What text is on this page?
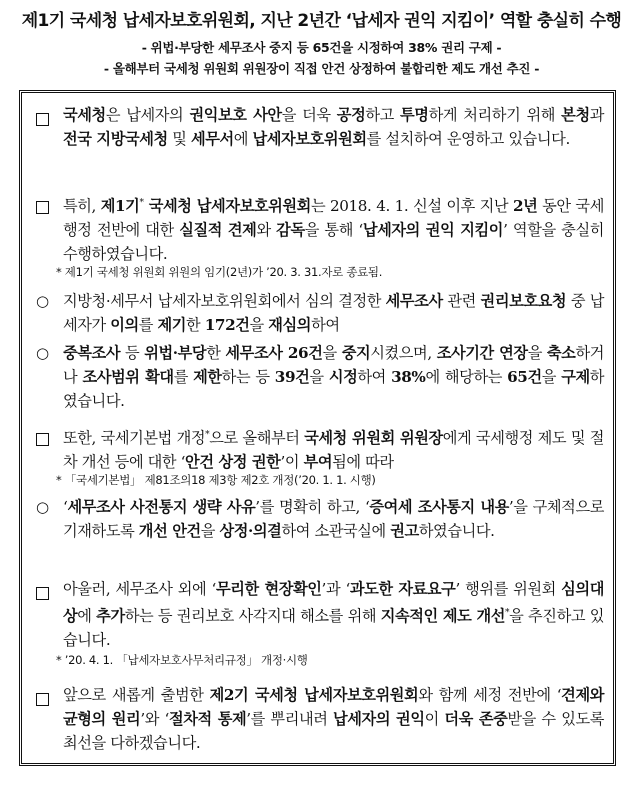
제1기 국세청 납세자보호위원회, 지난 2년간 ‘납세자 권익 지킴이’ 역할 충실히 수행
- 위법·부당한 세무조사 중지 등 65건을 시정하여 38% 권리 구제 -
- 올해부터 국세청 위원회 위원장이 직접 안건 상정하여 불합리한 제도 개선 추진 -
국세청은 납세자의 권익보호 사안을 더욱 공정하고 투명하게 처리하기 위해 본청과 전국 지방국세청 및 세무서에 납세자보호위원회를 설치하여 운영하고 있습니다.
특히, 제1기* 국세청 납세자보호위원회는 2018. 4. 1. 신설 이후 지난 2년 동안 국세행정 전반에 대한 실질적 견제와 감독을 통해 ‘납세자의 권익 지킴이’ 역할을 충실히 수행하였습니다.
* 제1기 국세청 위원회 위원의 임기(2년)가 ’20. 3. 31.자로 종료됨.
○ 지방청·세무서 납세자보호위원회에서 심의 결정한 세무조사 관련 권리보호요청 중 납세자가 이의를 제기한 172건을 재심의하여
○ 중복조사 등 위법·부당한 세무조사 26건을 중지시켰으며, 조사기간 연장을 축소하거나 조사범위 확대를 제한하는 등 39건을 시정하여 38%에 해당하는 65건을 구제하였습니다.
또한, 국세기본법 개정*으로 올해부터 국세청 위원회 위원장에게 국세행정 제도 및 절차 개선 등에 대한 ‘안건 상정 권한’이 부여됨에 따라
* 「국세기본법」 제81조의18 제3항 제2호 개정(’20. 1. 1. 시행)
○ ‘세무조사 사전통지 생략 사유’를 명확히 하고, ‘증여세 조사통지 내용’을 구체적으로 기재하도록 개선 안건을 상정·의결하여 소관국실에 권고하였습니다.
아울러, 세무조사 외에 ‘무리한 현장확인’과 ‘과도한 자료요구’ 행위를 위원회 심의대상에 추가하는 등 권리보호 사각지대 해소를 위해 지속적인 제도 개선*을 추진하고 있습니다.
* ’20. 4. 1. 「납세자보호사무처리규정」 개정·시행
앞으로 새롭게 출범한 제2기 국세청 납세자보호위원회와 함께 세정 전반에 ‘견제와 균형의 원리’와 ‘절차적 통제’를 뿌리내려 납세자의 권익이 더욱 존중받을 수 있도록 최선을 다하겠습니다.
